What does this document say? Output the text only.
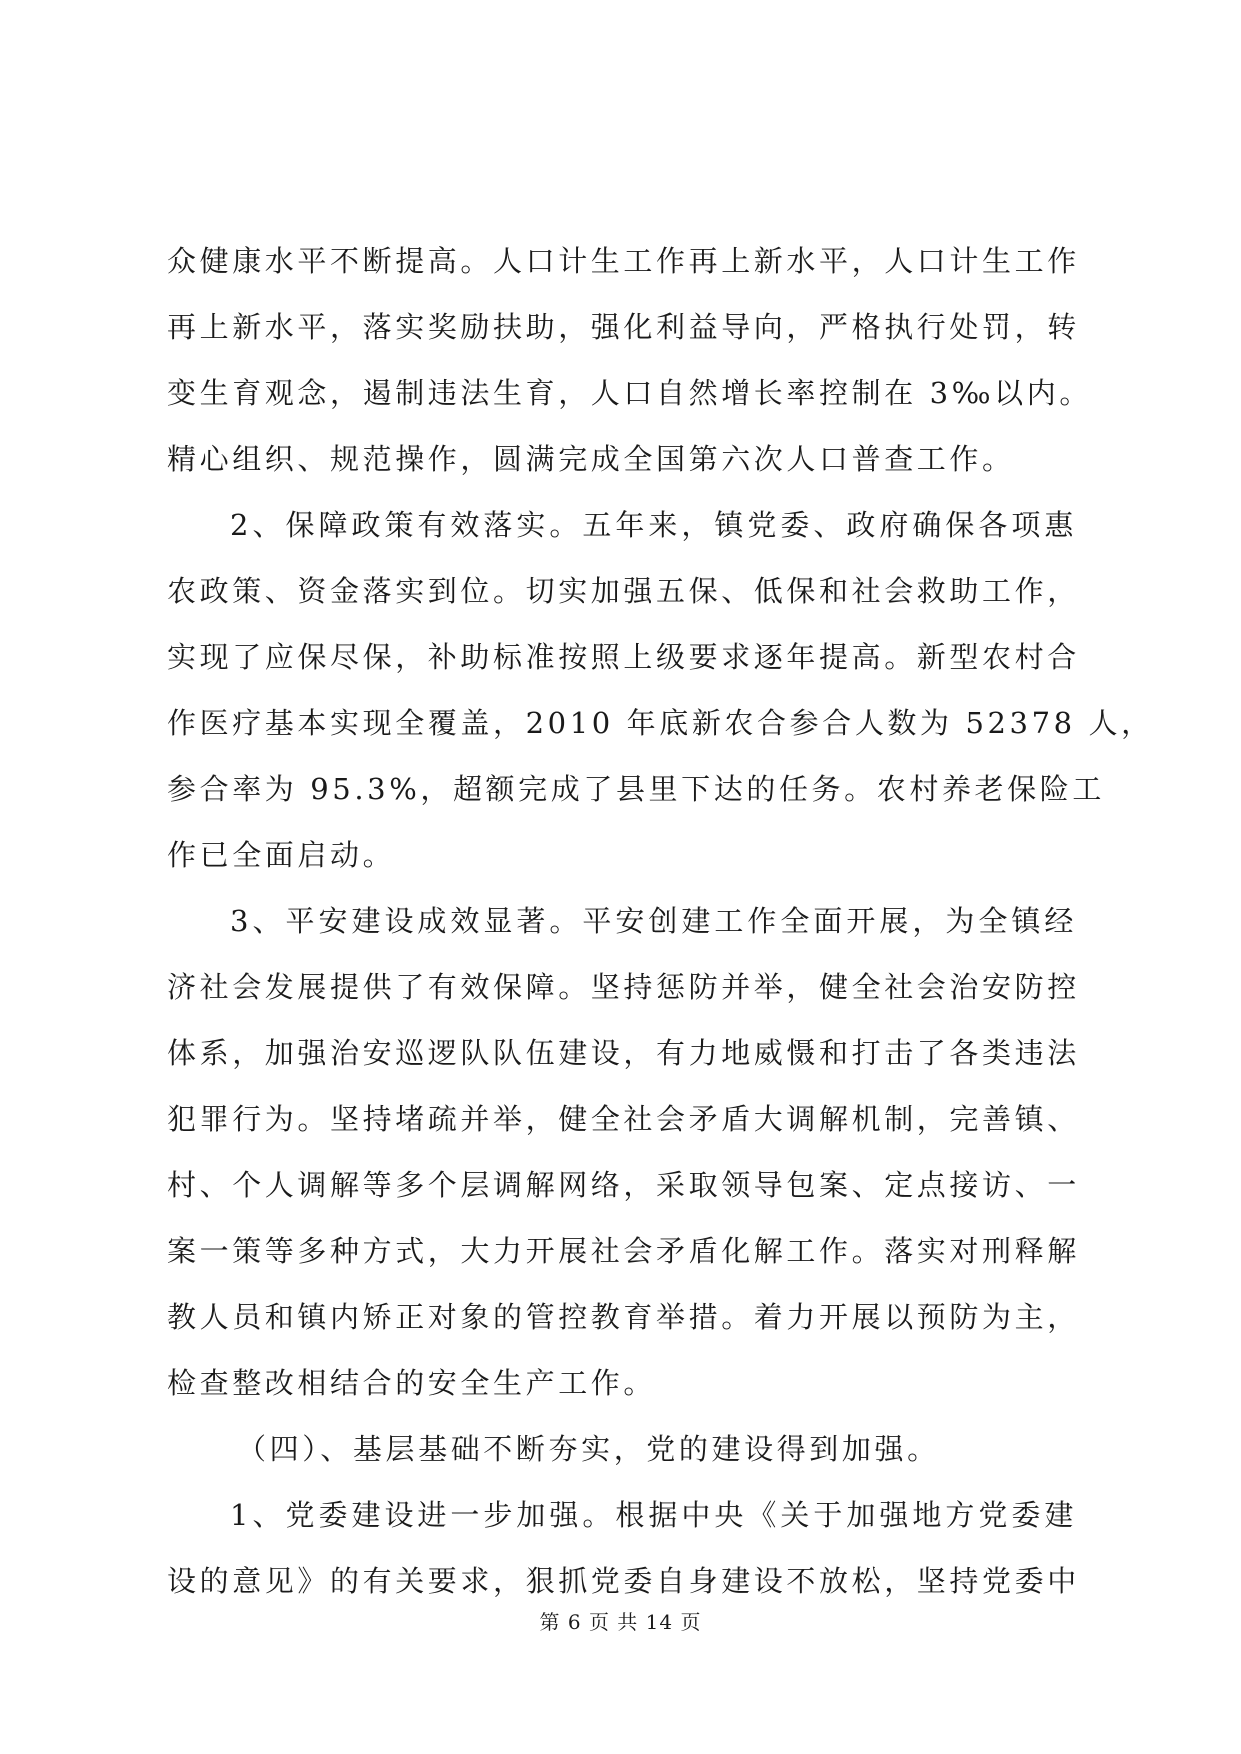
众健康水平不断提高。人口计生工作再上新水平，人口计生工作
再上新水平，落实奖励扶助，强化利益导向，严格执行处罚，转
变生育观念，遏制违法生育，人口自然增长率控制在 3‰以内。
精心组织、规范操作，圆满完成全国第六次人口普查工作。
2、保障政策有效落实。五年来，镇党委、政府确保各项惠
农政策、资金落实到位。切实加强五保、低保和社会救助工作，
实现了应保尽保，补助标准按照上级要求逐年提高。新型农村合
作医疗基本实现全覆盖，2010 年底新农合参合人数为 52378 人，
参合率为 95.3%，超额完成了县里下达的任务。农村养老保险工
作已全面启动。
3、平安建设成效显著。平安创建工作全面开展，为全镇经
济社会发展提供了有效保障。坚持惩防并举，健全社会治安防控
体系，加强治安巡逻队队伍建设，有力地威慑和打击了各类违法
犯罪行为。坚持堵疏并举，健全社会矛盾大调解机制，完善镇、
村、个人调解等多个层调解网络，采取领导包案、定点接访、一
案一策等多种方式，大力开展社会矛盾化解工作。落实对刑释解
教人员和镇内矫正对象的管控教育举措。着力开展以预防为主，
检查整改相结合的安全生产工作。
（四）、基层基础不断夯实，党的建设得到加强。
1、党委建设进一步加强。根据中央《关于加强地方党委建
设的意见》的有关要求，狠抓党委自身建设不放松，坚持党委中
第 6 页 共 14 页
